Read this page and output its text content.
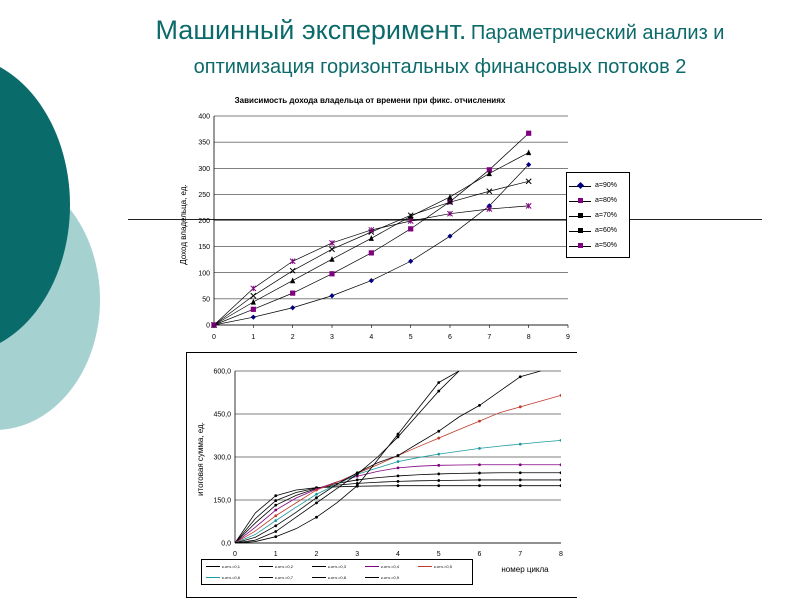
Машинный эксперимент. Параметрический анализ и оптимизация горизонтальных финансовых потоков 2
Зависимость дохода владельца от времени при фикс. отчислениях
0
50
100
150
200
250
300
350
400
0	1	2	3	4	5	6	7	8	9
Доход владельца, ед.
0,0
150,0
300,0
450,0
600,0
0	1	2	3	4	5	6	7	8
итоговая сумма, ед.
номер цикла
a=90%
a=80%
a=70%
a=60%
a=50%
к.отч.=0,1	к.отч.=0,2	к.отч.=0,3	к.отч.=0,4	к.отч.=0,5
к.отч.=0,6	к.отч.=0,7	к.отч.=0,8	к.отч.=0,9
